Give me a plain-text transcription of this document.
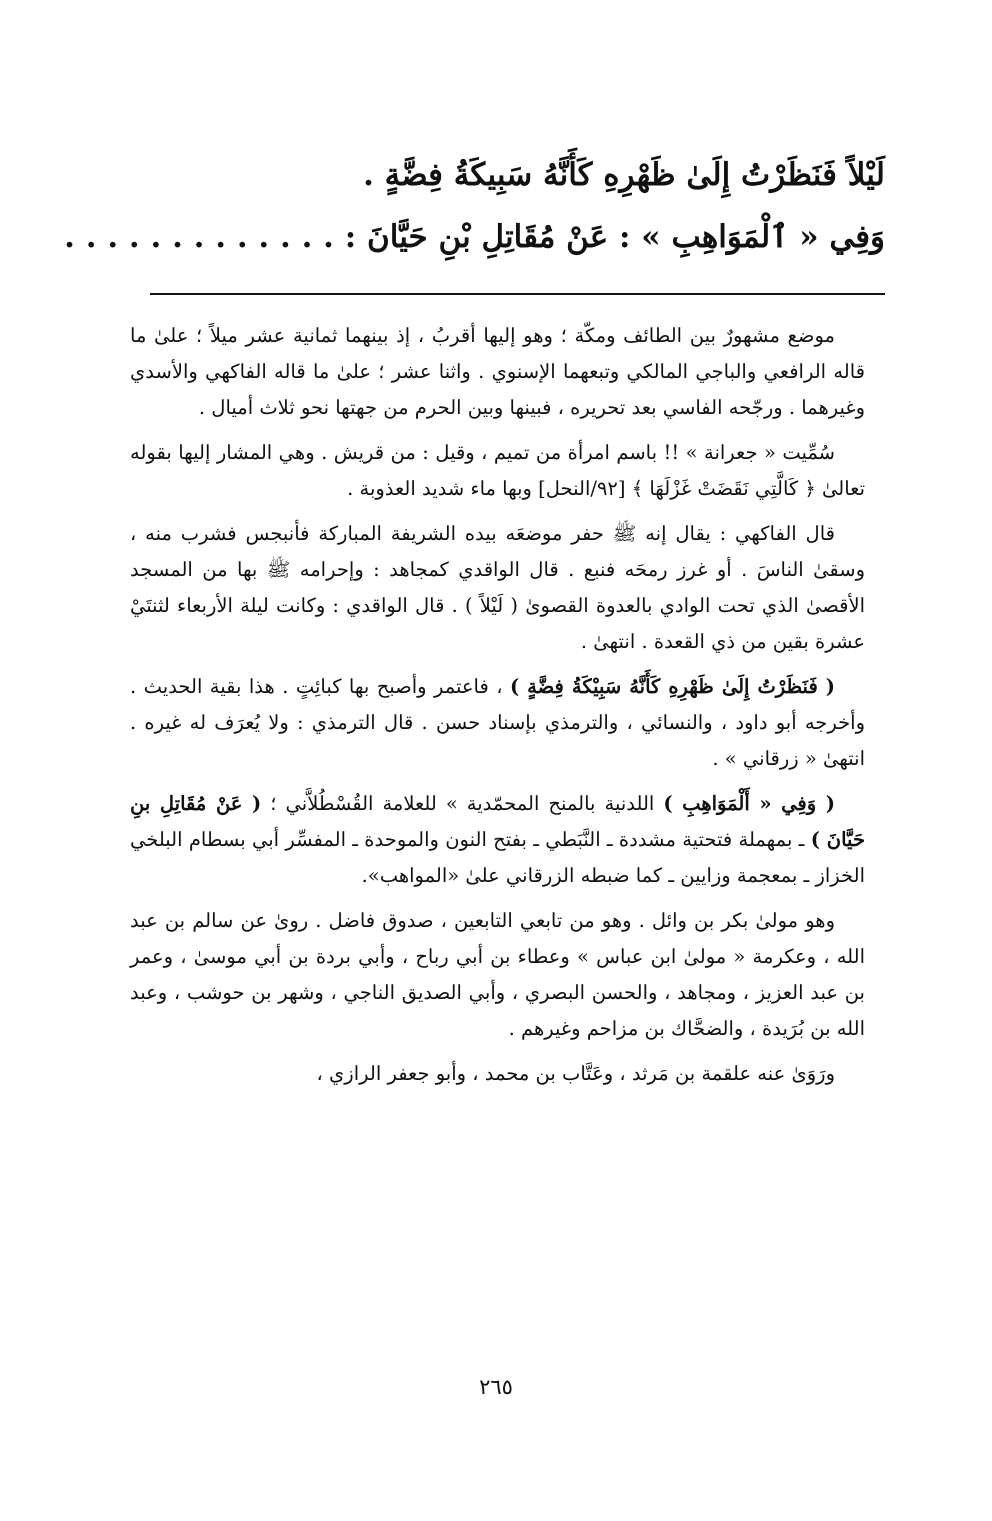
لَيْلاً فَنَظَرْتُ إِلَىٰ ظَهْرِهِ كَأَنَّهُ سَبِيكَةُ فِضَّةٍ .
وَفِي « ٱلْمَوَاهِبِ » : عَنْ مُقَاتِلِ بْنِ حَيَّانَ : . . . . . . . . . . . . .

موضع مشهورٌ بين الطائف ومكّة ؛ وهو إليها أقربُ ، إذ بينهما ثمانية عشر ميلاً ؛ علىٰ ما قاله الرافعي والباجي المالكي وتبعهما الإسنوي . واثنا عشر ؛ علىٰ ما قاله الفاكهي والأسدي وغيرهما . ورجّحه الفاسي بعد تحريره ، فبينها وبين الحرم من جهتها نحو ثلاث أميال .

سُمِّيت « جعرانة » !! باسم امرأة من تميم ، وقيل : من قريش . وهي المشار إليها بقوله تعالىٰ ﴿ كَالَّتِي نَقَضَتْ غَزْلَهَا ﴾ [٩٢/النحل] وبها ماء شديد العذوبة .

قال الفاكهي : يقال إنه ﷺ حفر موضعَه بيده الشريفة المباركة فأنبجس فشرب منه ، وسقىٰ الناسَ . أو غرز رمحَه فنبع . قال الواقدي كمجاهد : وإحرامه ﷺ بها من المسجد الأقصىٰ الذي تحت الوادي بالعدوة القصوىٰ ( لَيْلاً ) . قال الواقدي : وكانت ليلة الأربعاء لثنتَيْ عشرة بقين من ذي القعدة . انتهىٰ .

( فَنَظَرْتُ إِلَىٰ ظَهْرِهِ كَأَنَّهُ سَبِيْكَةُ فِضَّةٍ ) ، فاعتمر وأصبح بها كبائِتٍ . هذا بقية الحديث . وأخرجه أبو داود ، والنسائي ، والترمذي بإسناد حسن . قال الترمذي : ولا يُعرَف له غيره . انتهىٰ « زرقاني » .

( وَفِي « أَلْمَوَاهِبِ ) اللدنية بالمنح المحمّدية » للعلامة القُسْطُلاَّني ؛ ( عَنْ مُقَاتِلِ بنِ حَيَّانَ ) ـ بمهملة فتحتية مشددة ـ النَّبَطي ـ بفتح النون والموحدة ـ المفسِّر أبي بسطام البلخي الخزاز ـ بمعجمة وزايين ـ كما ضبطه الزرقاني علىٰ «المواهب».

وهو مولىٰ بكر بن وائل . وهو من تابعي التابعين ، صدوق فاضل . روىٰ عن سالم بن عبد الله ، وعكرمة « مولىٰ ابن عباس » وعطاء بن أبي رباح ، وأبي بردة بن أبي موسىٰ ، وعمر بن عبد العزيز ، ومجاهد ، والحسن البصري ، وأبي الصديق الناجي ، وشهر بن حوشب ، وعبد الله بن بُرَيدة ، والضحَّاك بن مزاحم وغيرهم .

ورَوَىٰ عنه علقمة بن مَرثد ، وعَتَّاب بن محمد ، وأبو جعفر الرازي ،

٢٦٥
